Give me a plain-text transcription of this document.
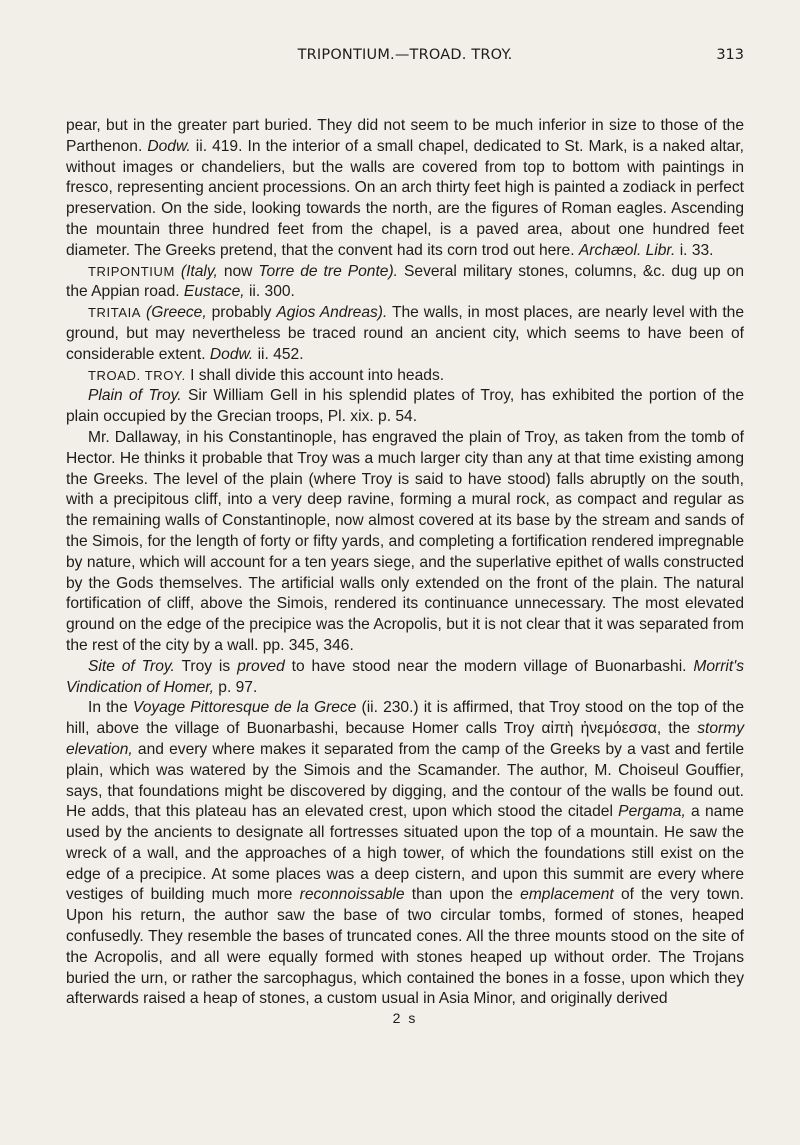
TRIPONTIUM.—TROAD. TROY.	313

pear, but in the greater part buried. They did not seem to be much inferior in size to those of the Parthenon. Dodw. ii. 419. In the interior of a small chapel, dedicated to St. Mark, is a naked altar, without images or chandeliers, but the walls are covered from top to bottom with paintings in fresco, representing ancient processions. On an arch thirty feet high is painted a zodiack in perfect preservation. On the side, looking towards the north, are the figures of Roman eagles. Ascending the mountain three hundred feet from the chapel, is a paved area, about one hundred feet diameter. The Greeks pretend, that the convent had its corn trod out here. Archæol. Libr. i. 33.

TRIPONTIUM (Italy, now Torre de tre Ponte). Several military stones, columns, &c. dug up on the Appian road. Eustace, ii. 300.

TRITAIA (Greece, probably Agios Andreas). The walls, in most places, are nearly level with the ground, but may nevertheless be traced round an ancient city, which seems to have been of considerable extent. Dodw. ii. 452.

TROAD. TROY. I shall divide this account into heads.

Plain of Troy. Sir William Gell in his splendid plates of Troy, has exhibited the portion of the plain occupied by the Grecian troops, Pl. xix. p. 54.

Mr. Dallaway, in his Constantinople, has engraved the plain of Troy, as taken from the tomb of Hector. He thinks it probable that Troy was a much larger city than any at that time existing among the Greeks. The level of the plain (where Troy is said to have stood) falls abruptly on the south, with a precipitous cliff, into a very deep ravine, forming a mural rock, as compact and regular as the remaining walls of Constantinople, now almost covered at its base by the stream and sands of the Simois, for the length of forty or fifty yards, and completing a fortification rendered impregnable by nature, which will account for a ten years siege, and the superlative epithet of walls constructed by the Gods themselves. The artificial walls only extended on the front of the plain. The natural fortification of cliff, above the Simois, rendered its continuance unnecessary. The most elevated ground on the edge of the precipice was the Acropolis, but it is not clear that it was separated from the rest of the city by a wall. pp. 345, 346.

Site of Troy. Troy is proved to have stood near the modern village of Buonarbashi. Morrit's Vindication of Homer, p. 97.

In the Voyage Pittoresque de la Grece (ii. 230.) it is affirmed, that Troy stood on the top of the hill, above the village of Buonarbashi, because Homer calls Troy αἰπὴ ἠνεμόεσσα, the stormy elevation, and every where makes it separated from the camp of the Greeks by a vast and fertile plain, which was watered by the Simois and the Scamander. The author, M. Choiseul Gouffier, says, that foundations might be discovered by digging, and the contour of the walls be found out. He adds, that this plateau has an elevated crest, upon which stood the citadel Pergama, a name used by the ancients to designate all fortresses situated upon the top of a mountain. He saw the wreck of a wall, and the approaches of a high tower, of which the foundations still exist on the edge of a precipice. At some places was a deep cistern, and upon this summit are every where vestiges of building much more reconnoissable than upon the emplacement of the very town. Upon his return, the author saw the base of two circular tombs, formed of stones, heaped confusedly. They resemble the bases of truncated cones. All the three mounts stood on the site of the Acropolis, and all were equally formed with stones heaped up without order. The Trojans buried the urn, or rather the sarcophagus, which contained the bones in a fosse, upon which they afterwards raised a heap of stones, a custom usual in Asia Minor, and originally derived

2 s
